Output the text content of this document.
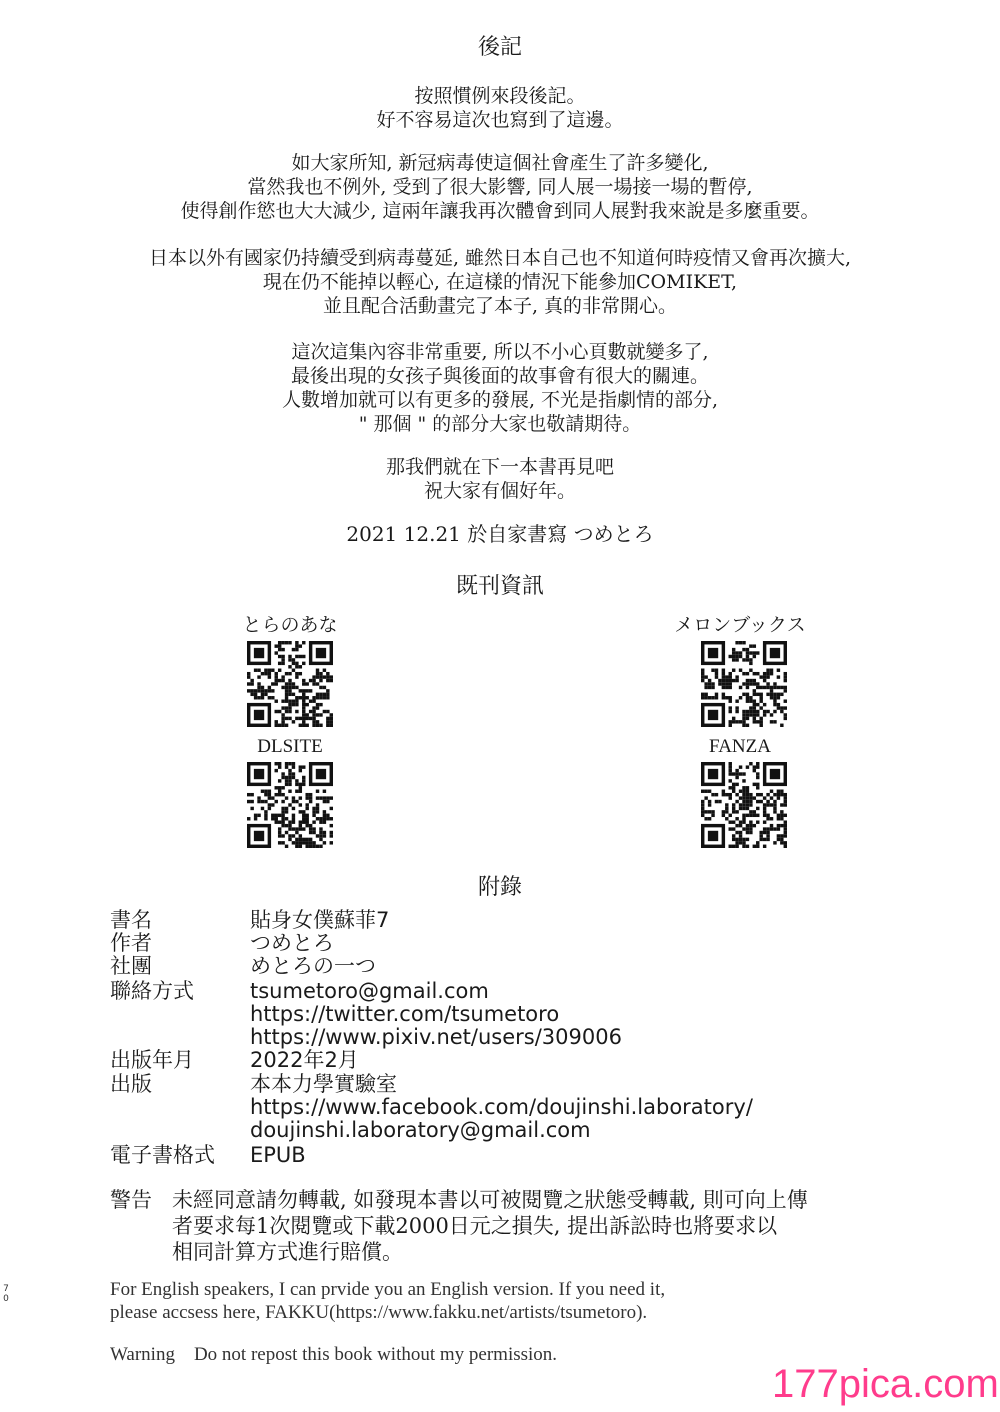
後記
按照慣例來段後記。
好不容易這次也寫到了這邊。
如大家所知, 新冠病毒使這個社會產生了許多變化,
當然我也不例外, 受到了很大影響, 同人展一場接一場的暫停,
使得創作慾也大大減少, 這兩年讓我再次體會到同人展對我來說是多麼重要。
日本以外有國家仍持續受到病毒蔓延, 雖然日本自己也不知道何時疫情又會再次擴大,
現在仍不能掉以輕心, 在這樣的情況下能參加COMIKET,
並且配合活動畫完了本子, 真的非常開心。
這次這集內容非常重要, 所以不小心頁數就變多了,
最後出現的女孩子與後面的故事會有很大的關連。
人數增加就可以有更多的發展, 不光是指劇情的部分,
" 那個 " 的部分大家也敬請期待。
那我們就在下一本書再見吧
祝大家有個好年。
2021 12.21 於自家書寫 つめとろ
既刊資訊
とらのあな	メロンブックス
DLSITE	FANZA
附錄
書名	貼身女僕蘇菲7
作者	つめとろ
社團	めとろの一つ
聯絡方式	tsumetoro@gmail.com
https://twitter.com/tsumetoro
https://www.pixiv.net/users/309006
出版年月	2022年2月
出版	本本力學實驗室
https://www.facebook.com/doujinshi.laboratory/
doujinshi.laboratory@gmail.com
電子書格式 EPUB
警告 未經同意請勿轉載, 如發現本書以可被閱覽之狀態受轉載, 則可向上傳
者要求每1次閱覽或下載2000日元之損失, 提出訴訟時也將要求以
相同計算方式進行賠償。
For English speakers, I can prvide you an English version. If you need it,
please accsess here, FAKKU(https://www.fakku.net/artists/tsumetoro).
Warning　Do not repost this book without my permission.
7
0
177pica.com
